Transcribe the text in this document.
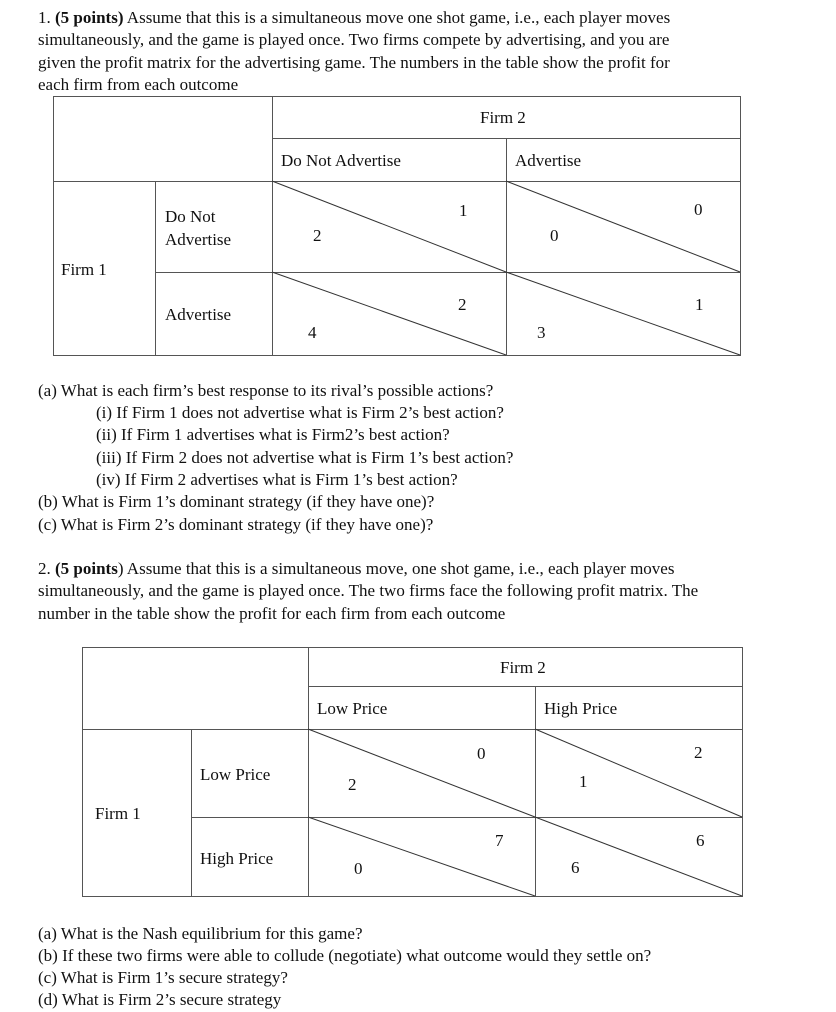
1. (5 points) Assume that this is a simultaneous move one shot game, i.e., each player moves
simultaneously, and the game is played once. Two firms compete by advertising, and you are
given the profit matrix for the advertising game. The numbers in the table show the profit for
each firm from each outcome
Firm 2
Do Not Advertise	Advertise
Firm 1
Do Not
Advertise
Advertise
2
1
0
0
4
2
3
1
(a) What is each firm’s best response to its rival’s possible actions?
(i) If Firm 1 does not advertise what is Firm 2’s best action?
(ii) If Firm 1 advertises what is Firm2’s best action?
(iii) If Firm 2 does not advertise what is Firm 1’s best action?
(iv) If Firm 2 advertises what is Firm 1’s best action?
(b) What is Firm 1’s dominant strategy (if they have one)?
(c) What is Firm 2’s dominant strategy (if they have one)?
2. (5 points) Assume that this is a simultaneous move, one shot game, i.e., each player moves
simultaneously, and the game is played once. The two firms face the following profit matrix. The
number in the table show the profit for each firm from each outcome
Firm 2
Low Price	High Price
Firm 1
Low Price
High Price
2
0
1
2
0
7
6
6
(a) What is the Nash equilibrium for this game?
(b) If these two firms were able to collude (negotiate) what outcome would they settle on?
(c) What is Firm 1’s secure strategy?
(d) What is Firm 2’s secure strategy
